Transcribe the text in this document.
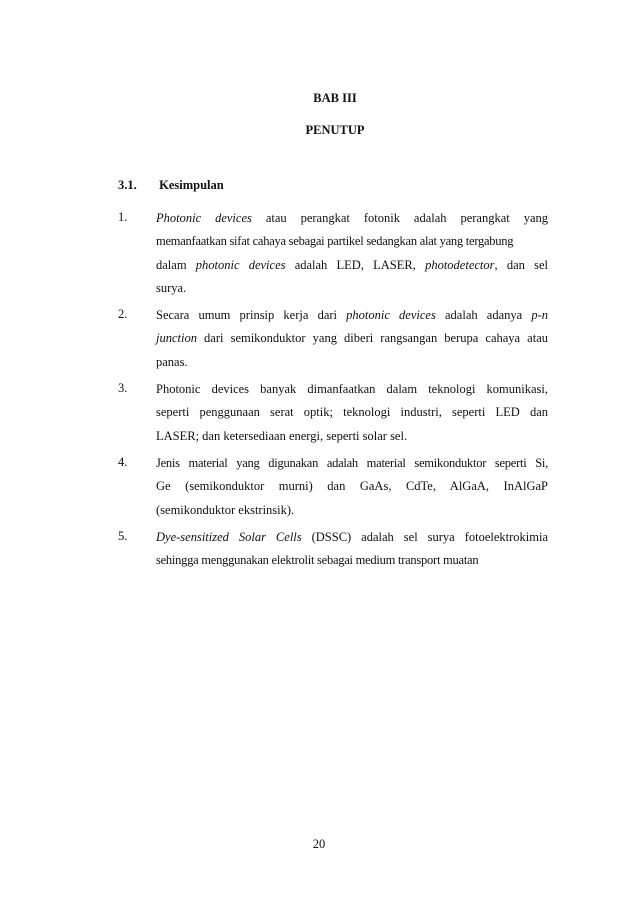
BAB III
PENUTUP
3.1. Kesimpulan
1. Photonic devices atau perangkat fotonik adalah perangkat yang
memanfaatkan sifat cahaya sebagai partikel sedangkan alat yang tergabung
dalam photonic devices adalah LED, LASER, photodetector, dan sel
surya.
2. Secara umum prinsip kerja dari photonic devices adalah adanya p-n
junction dari semikonduktor yang diberi rangsangan berupa cahaya atau
panas.
3. Photonic devices banyak dimanfaatkan dalam teknologi komunikasi,
seperti penggunaan serat optik; teknologi industri, seperti LED dan
LASER; dan ketersediaan energi, seperti solar sel.
4. Jenis material yang digunakan adalah material semikonduktor seperti Si,
Ge (semikonduktor murni) dan GaAs, CdTe, AlGaA, InAlGaP
(semikonduktor ekstrinsik).
5. Dye-sensitized Solar Cells (DSSC) adalah sel surya fotoelektrokimia
sehingga menggunakan elektrolit sebagai medium transport muatan
20
